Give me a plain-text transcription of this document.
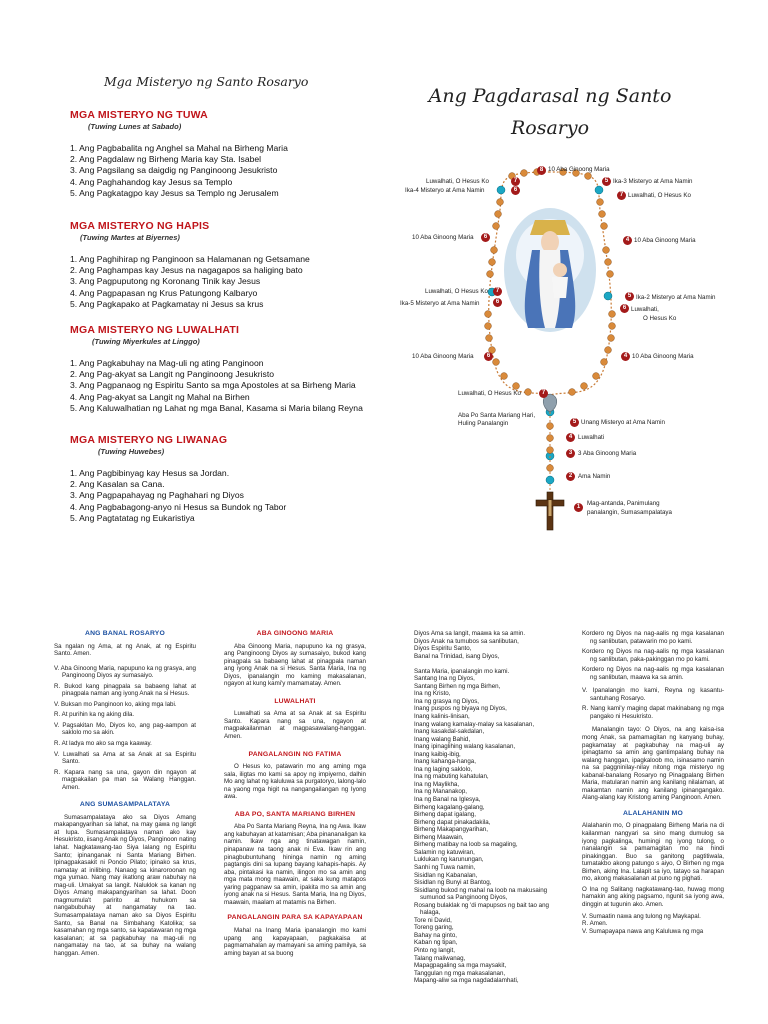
Mga Misteryo ng Santo Rosaryo
MGA MISTERYO NG TUWA
(Tuwing Lunes at Sabado)
1. Ang Pagbabalita ng Anghel sa Mahal na Birheng Maria
2. Ang Pagdalaw ng Birheng Maria kay Sta. Isabel
3. Ang Pagsilang sa daigdig ng Panginoong Jesukristo
4. Ang Paghahandog kay Jesus sa Templo
5. Ang Pagkatagpo kay Jesus sa Templo ng Jerusalem
MGA MISTERYO NG HAPIS
(Tuwing Martes at Biyernes)
1. Ang Paghihirap ng Panginoon sa Halamanan ng Getsamane
2. Ang Paghampas kay Jesus na nagagapos sa haliging bato
3. Ang Pagpuputong ng Koronang Tinik kay Jesus
4. Ang Pagpapasan ng Krus Patungong Kalbaryo
5. Ang Pagkapako at Pagkamatay ni Jesus sa krus
MGA MISTERYO NG LUWALHATI
(Tuwing Miyerkules at Linggo)
1. Ang Pagkabuhay na Mag-uli ng ating Panginoon
2. Ang Pag-akyat sa Langit ng Panginoong Jesukristo
3. Ang Pagpanaog ng Espiritu Santo sa mga Apostoles at sa Birheng Maria
4. Ang Pag-akyat sa Langit ng Mahal na Birhen
5. Ang Kaluwalhatian ng Lahat ng mga Banal, Kasama si Maria bilang Reyna
MGA MISTERYO NG LIWANAG
(Tuwing Huwebes)
1. Ang Pagbibinyag kay Hesus sa Jordan.
2. Ang Kasalan sa Cana.
3. Ang Pagpapahayag ng Paghahari ng Diyos
4. Ang Pagbabagong-anyo ni Hesus sa Bundok ng Tabor
5. Ang Pagtatatag ng Eukaristiya
Ang Pagdarasal ng Santo
Rosaryo
8
7
6
5
7
6	4
7
6
5
6
6	4
7
5
4
3
2
1
Luwalhati, O Hesus Ko
Ika-4 Misteryo at Ama Namin
10 Aba Ginoong Maria
Luwalhati, O Hesus Ko
Ika-5 Misteryo at Ama Namin
10 Aba Ginoong Maria
Luwalhati, O Hesus Ko
Aba Po Santa Mariang Hari,
Huling Panalangin
10 Aba Ginoong Maria
Ika-3 Misteryo at Ama Namin
Luwalhati, O Hesus Ko
10 Aba Ginoong Maria
Ika-2 Misteryo at Ama Namin
Luwalhati,
O Hesus Ko
10 Aba Ginoong Maria
Unang Misteryo at Ama Namin
Luwalhati
3 Aba Ginoong Maria
Ama Namin
Mag-antanda, Panimulang
panalangin, Sumasampalataya
ANG BANAL ROSARYO

Sa ngalan ng Ama, at ng Anak, at ng Espiritu Santo. Amen.

V. Aba Ginoong Maria, napupuno ka ng grasya, ang Panginoong Diyos ay sumasaiyo.

R. Bukod kang pinagpala sa babaeng lahat at pinagpala naman ang iyong Anak na si Hesus.

V. Buksan mo Panginoon ko, aking mga labi.

R. At purihin ka ng aking dila.

V. Pagsakitan Mo, Diyos ko, ang pag-aampon at saklolo mo sa akin.

R. At ladya mo ako sa mga kaaway.

V. Luwalhati sa Ama at sa Anak at sa Espiritu Santo.

R. Kapara nang sa una, gayon din ngayon at magpakailan pa man sa Walang Hanggan. Amen.

ANG SUMASAMPALATAYA

Sumasampalataya ako sa Diyos Amang makapangyarihan sa lahat, na may gawa ng langit at lupa. Sumasampalataya naman ako kay Hesukristo, iisang Anak ng Diyos, Panginoon nating lahat. Nagkatawang-tao Siya lalang ng Espiritu Santo; ipinanganak ni Santa Mariang Birhen. Ipinagpakasakit ni Poncio Pilato; ipinako sa krus, namatay at inilibing. Nanaog sa kinaroroonan ng mga yumao. Nang may ikatlong araw nabuhay na mag-uli. Umakyat sa langit. Naluklok sa kanan ng Diyos Amang makapangyarihan sa lahat. Doon magmumula't paririto at huhukom sa nangabubuhay at nangamatay na tao. Sumasampalataya naman ako sa Diyos Espiritu Santo, sa Banal na Simbahang Katolika; sa kasamahan ng mga santo, sa kapatawaran ng mga kasalanan; at sa pagkabuhay na mag-uli ng nangamatay na tao, at sa buhay na walang hanggan. Amen.

ABA GINOONG MARIA

Aba Ginoong Maria, napupuno ka ng grasya, ang Panginoong Diyos ay sumasaiyo, bukod kang pinagpala sa babaeng lahat at pinagpala naman ang iyong Anak na si Hesus. Santa Maria, Ina ng Diyos, ipanalangin mo kaming makasalanan, ngayon at kung kami'y mamamatay. Amen.

LUWALHATI

Luwalhati sa Ama at sa Anak at sa Espiritu Santo. Kapara nang sa una, ngayon at magpakailanman at magpasawalang-hanggan. Amen.

PANGALANGIN NG FATIMA

O Hesus ko, patawarin mo ang aming mga sala, iligtas mo kami sa apoy ng impiyerno, dalhin Mo ang lahat ng kaluluwa sa purgatoryo, lalong-lalo na yaong mga higit na nangangailangan ng Iyong awa.

ABA PO, SANTA MARIANG BIRHEN

Aba Po Santa Mariang Reyna, Ina ng Awa. Ikaw ang kabuhayan at katamisan; Aba pinananaligan ka namin. Ikaw nga ang tinatawagan namin, pinapanaw na taong anak ni Eva. Ikaw rin ang pinagbubuntuhang hininga namin ng aming pagtangis dini sa lupang bayang kahapis-hapis. Ay aba, pintakasi ka namin, ilingon mo sa amin ang mga mata mong maawain, at saka kung matapos yaring pagpanaw sa amin, ipakita mo sa amin ang iyong anak na si Hesus. Santa Maria, Ina ng Diyos, maawain, maalam at matamis na Birhen.

PANGALANGIN PARA SA KAPAYAPAAN

Mahal na Inang Maria ipanalangin mo kami upang ang kapayapaan, pagkakaisa at pagmamahalan ay mamayani sa aming pamilya, sa aming bayan at sa buong

Diyos Ama sa langit, maawa ka sa amin.
Diyos Anak na tumubos sa sanlibutan,
Diyos Espiritu Santo,
Banal na Trinidad, isang Diyos,

Santa Maria, ipanalangin mo kami.
Santang Ina ng Diyos,
Santang Birhen ng mga Birhen,
Ina ng Kristo,
Ina ng grasya ng Diyos,
Inang puspos ng biyaya ng Diyos,
Inang kalinis-linisan,
Inang walang kamalay-malay sa kasalanan,
Inang kasakdal-sakdalan,
Inang walang Bahid,
Inang ipinaglihing walang kasalanan,
Inang kaibig-ibig,
Inang kahanga-hanga,
Ina ng laging saklolo,
Ina ng mabuting kahatulan,
Ina ng Maylikha,
Ina ng Mananakop,
Ina ng Banal na Iglesya,
Birheng kagalang-galang,
Birheng dapat igalang,
Birheng dapat pinakadakila,
Birheng Makapangyarihan,
Birheng Maawain,
Birheng matibay na loob sa magaling,
Salamin ng katuwiran,
Luklukan ng karunungan,
Sanhi ng Tuwa namin,
Sisidlan ng Kabanalan,
Sisidlan ng Bunyi at Bantog,
Sisidlang bukod ng mahal na loob na makusaing sumunod sa Panginoong Diyos,
Rosang bulaklak ng 'di mapupsos ng bait tao ang halaga,
Tore ni David,
Toreng garing,
Bahay na ginto,
Kaban ng tipan,
Pinto ng langit,
Talang maliwanag,
Mapagpagaling sa mga maysakit,
Tanggulan ng mga makasalanan,
Mapang-aliw sa mga nagdadalamhati,

Kordero ng Diyos na nag-aalis ng mga kasalanan ng sanlibutan, patawarin mo po kami.

Kordero ng Diyos na nag-aalis ng mga kasalanan ng sanlibutan, paka-pakinggan mo po kami.

Kordero ng Diyos na nag-aalis ng mga kasalanan ng sanlibutan, maawa ka sa amin.

V. Ipanalangin mo kami, Reyna ng kasantu-santuhang Rosaryo.

R. Nang kami'y maging dapat makinabang ng mga pangako ni Hesukristo.

Manalangin tayo: O Diyos, na ang kaisa-isa mong Anak, sa pamamagitan ng kanyang buhay, pagkamatay at pagkabuhay na mag-uli ay ipinagtamo sa amin ang gantimpalang buhay na walang hanggan, ipagkaloob mo, isinasamo namin na sa paggninilay-nilay nitong mga misteryo ng kabanal-banalang Rosaryo ng Pinagpalang Birhen Maria, matularan namin ang kanilang nilalaman, at makamtan namin ang kanilang ipinangangako. Alang-alang kay Kristong aming Panginoon. Amen.

ALALAHANIN MO

Alalahanin mo, O pinagpalang Birheng Maria na di kailanman nangyari sa sino mang dumulog sa iyong pagkalinga, humingi ng iyong tulong, o nanalangin sa pamamagitan mo na hindi pinakinggan. Buo sa ganitong pagtitiwala, tumatakbo akong patungo s aiyo, O Birhen ng mga Birhen, aking Ina. Lalapit sa iyo, tatayo sa harapan mo, akong makasalanan at puno ng pighati.

O Ina ng Salitang nagkatawang-tao, huwag mong hamakin ang aking pagsamo, ngunit sa iyong awa, dinggin at tugunin ako. Amen.

V. Sumaatin nawa ang tulong ng Maykapal.

R. Amen.

V. Sumapayapa nawa ang Kaluluwa ng mga
